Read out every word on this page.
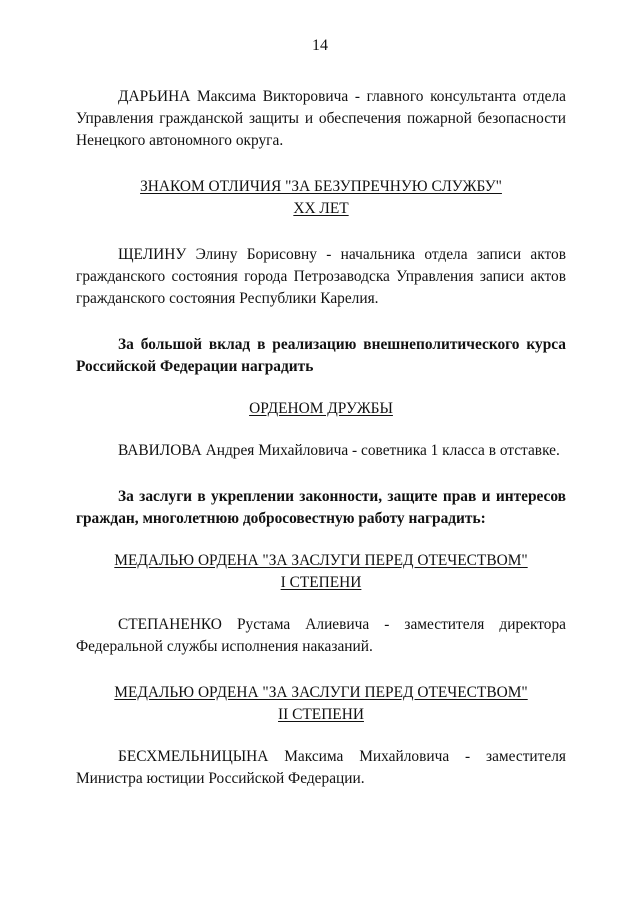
14

ДАРЬИНА Максима Викторовича - главного консультанта отдела Управления гражданской защиты и обеспечения пожарной безопасности Ненецкого автономного округа.

ЗНАКОМ ОТЛИЧИЯ "ЗА БЕЗУПРЕЧНУЮ СЛУЖБУ"
XX ЛЕТ

ЩЕЛИНУ Элину Борисовну - начальника отдела записи актов гражданского состояния города Петрозаводска Управления записи актов гражданского состояния Республики Карелия.

За большой вклад в реализацию внешнеполитического курса Российской Федерации наградить

ОРДЕНОМ ДРУЖБЫ

ВАВИЛОВА Андрея Михайловича - советника 1 класса в отставке.

За заслуги в укреплении законности, защите прав и интересов граждан, многолетнюю добросовестную работу наградить:

МЕДАЛЬЮ ОРДЕНА "ЗА ЗАСЛУГИ ПЕРЕД ОТЕЧЕСТВОМ"
I СТЕПЕНИ

СТЕПАНЕНКО Рустама Алиевича - заместителя директора Федеральной службы исполнения наказаний.

МЕДАЛЬЮ ОРДЕНА "ЗА ЗАСЛУГИ ПЕРЕД ОТЕЧЕСТВОМ"
II СТЕПЕНИ

БЕСХМЕЛЬНИЦЫНА Максима Михайловича - заместителя Министра юстиции Российской Федерации.
